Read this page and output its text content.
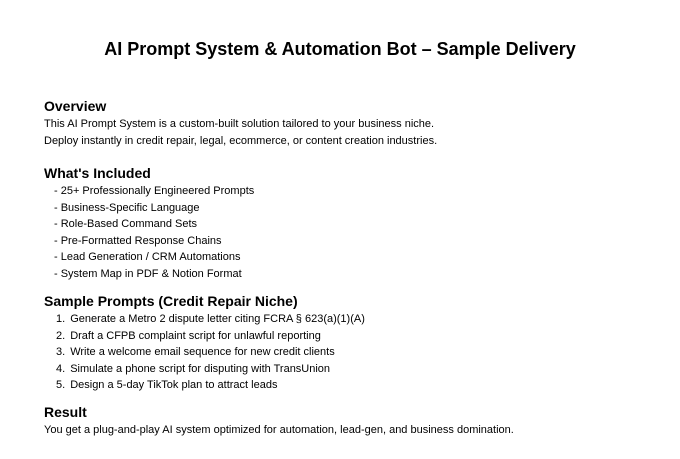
AI Prompt System & Automation Bot – Sample Delivery
Overview
This AI Prompt System is a custom-built solution tailored to your business niche.
Deploy instantly in credit repair, legal, ecommerce, or content creation industries.
What's Included
- 25+ Professionally Engineered Prompts
- Business-Specific Language
- Role-Based Command Sets
- Pre-Formatted Response Chains
- Lead Generation / CRM Automations
- System Map in PDF & Notion Format
Sample Prompts (Credit Repair Niche)
1. Generate a Metro 2 dispute letter citing FCRA § 623(a)(1)(A)
2. Draft a CFPB complaint script for unlawful reporting
3. Write a welcome email sequence for new credit clients
4. Simulate a phone script for disputing with TransUnion
5. Design a 5-day TikTok plan to attract leads
Result
You get a plug-and-play AI system optimized for automation, lead-gen, and business domination.
